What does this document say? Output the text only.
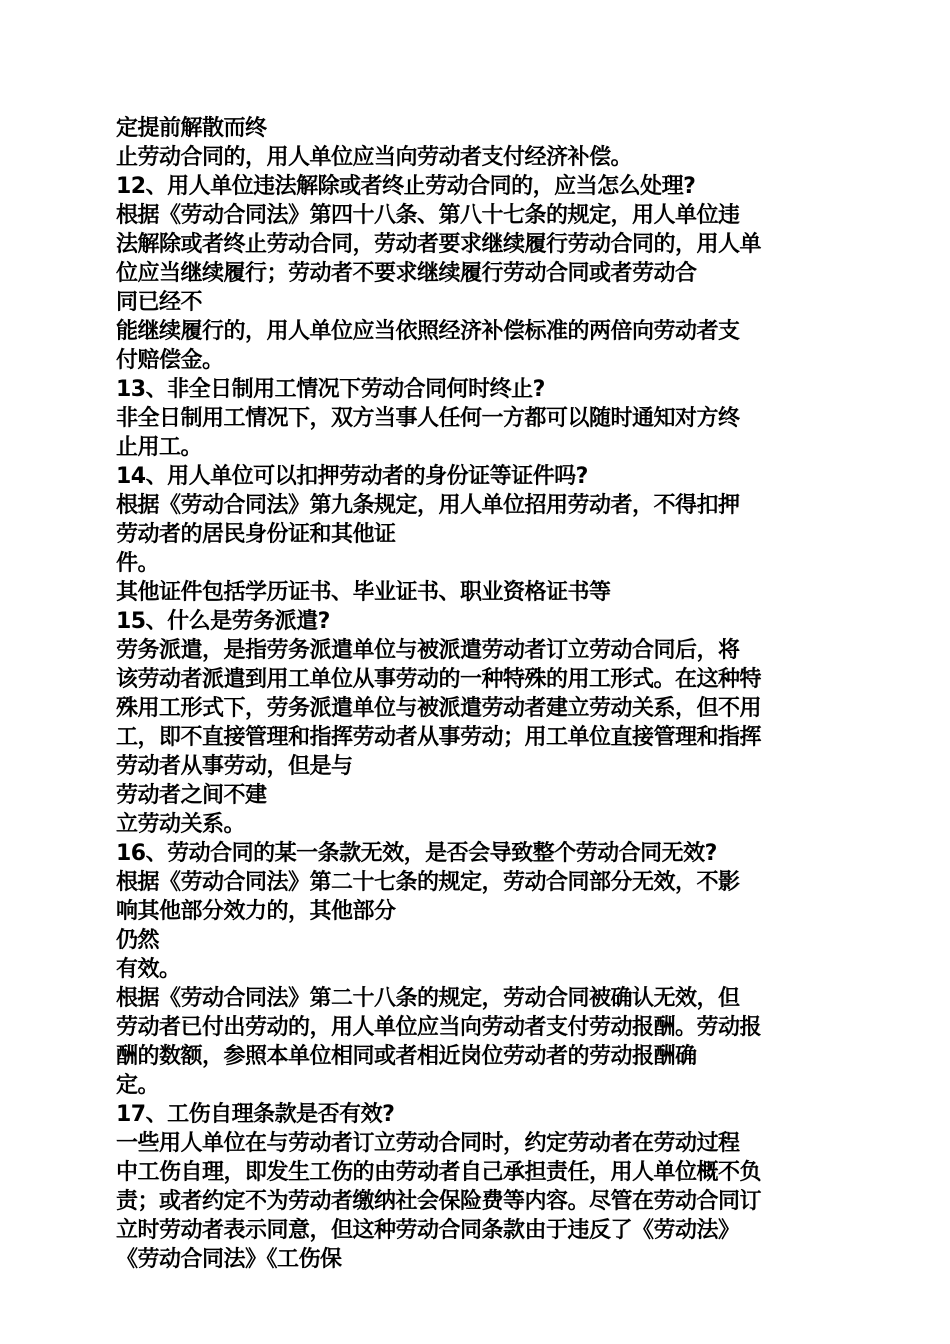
定提前解散而终
止劳动合同的，用人单位应当向劳动者支付经济补偿。
12、用人单位违法解除或者终止劳动合同的，应当怎么处理?
根据《劳动合同法》第四十八条、第八十七条的规定，用人单位违
法解除或者终止劳动合同，劳动者要求继续履行劳动合同的，用人单
位应当继续履行；劳动者不要求继续履行劳动合同或者劳动合
同已经不
能继续履行的，用人单位应当依照经济补偿标准的两倍向劳动者支
付赔偿金。
13、非全日制用工情况下劳动合同何时终止?
非全日制用工情况下，双方当事人任何一方都可以随时通知对方终
止用工。
14、用人单位可以扣押劳动者的身份证等证件吗?
根据《劳动合同法》第九条规定，用人单位招用劳动者，不得扣押
劳动者的居民身份证和其他证
件。
其他证件包括学历证书、毕业证书、职业资格证书等
15、什么是劳务派遣?
劳务派遣，是指劳务派遣单位与被派遣劳动者订立劳动合同后，将
该劳动者派遣到用工单位从事劳动的一种特殊的用工形式。在这种特
殊用工形式下，劳务派遣单位与被派遣劳动者建立劳动关系，但不用
工，即不直接管理和指挥劳动者从事劳动；用工单位直接管理和指挥
劳动者从事劳动，但是与
劳动者之间不建
立劳动关系。
16、劳动合同的某一条款无效，是否会导致整个劳动合同无效?
根据《劳动合同法》第二十七条的规定，劳动合同部分无效，不影
响其他部分效力的，其他部分
仍然
有效。
根据《劳动合同法》第二十八条的规定，劳动合同被确认无效，但
劳动者已付出劳动的，用人单位应当向劳动者支付劳动报酬。劳动报
酬的数额，参照本单位相同或者相近岗位劳动者的劳动报酬确
定。
17、工伤自理条款是否有效?
一些用人单位在与劳动者订立劳动合同时，约定劳动者在劳动过程
中工伤自理，即发生工伤的由劳动者自己承担责任，用人单位概不负
责；或者约定不为劳动者缴纳社会保险费等内容。尽管在劳动合同订
立时劳动者表示同意，但这种劳动合同条款由于违反了《劳动法》
《劳动合同法》《工伤保
